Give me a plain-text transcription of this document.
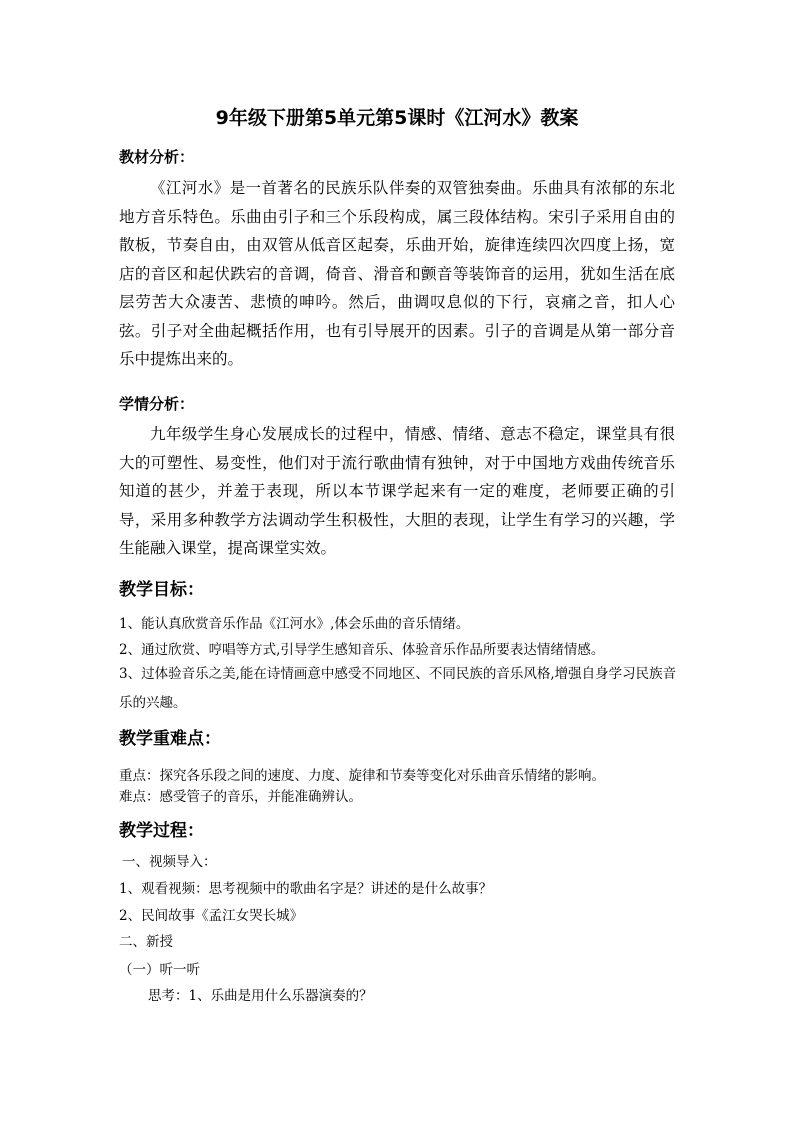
9年级下册第5单元第5课时《江河水》教案
教材分析：
《江河水》是一首著名的民族乐队伴奏的双管独奏曲。乐曲具有浓郁的东北地方音乐特色。乐曲由引子和三个乐段构成，属三段体结构。宋引子采用自由的散板，节奏自由，由双管从低音区起奏，乐曲开始，旋律连续四次四度上扬，宽店的音区和起伏跌宕的音调，倚音、滑音和颤音等装饰音的运用，犹如生活在底层劳苦大众凄苦、悲愤的呻吟。然后，曲调叹息似的下行，哀痛之音，扣人心弦。引子对全曲起概括作用，也有引导展开的因素。引子的音调是从第一部分音乐中提炼出来的。
学情分析：
九年级学生身心发展成长的过程中，情感、情绪、意志不稳定，课堂具有很大的可塑性、易变性，他们对于流行歌曲情有独钟，对于中国地方戏曲传统音乐知道的甚少，并羞于表现，所以本节课学起来有一定的难度，老师要正确的引导，采用多种教学方法调动学生积极性，大胆的表现，让学生有学习的兴趣，学生能融入课堂，提高课堂实效。
教学目标：
1、能认真欣赏音乐作品《江河水》,体会乐曲的音乐情绪。
2、通过欣赏、哼唱等方式,引导学生感知音乐、体验音乐作品所要表达情绪情感。
3、过体验音乐之美,能在诗情画意中感受不同地区、不同民族的音乐风格,增强自身学习民族音乐的兴趣。
教学重难点：
重点：探究各乐段之间的速度、力度、旋律和节奏等变化对乐曲音乐情绪的影响。
难点：感受管子的音乐，并能准确辨认。
教学过程：
一、视频导入：
1、观看视频：思考视频中的歌曲名字是？讲述的是什么故事？
2、民间故事《孟江女哭长城》
二、新授
（一）听一听
思考：1、乐曲是用什么乐器演奏的？
